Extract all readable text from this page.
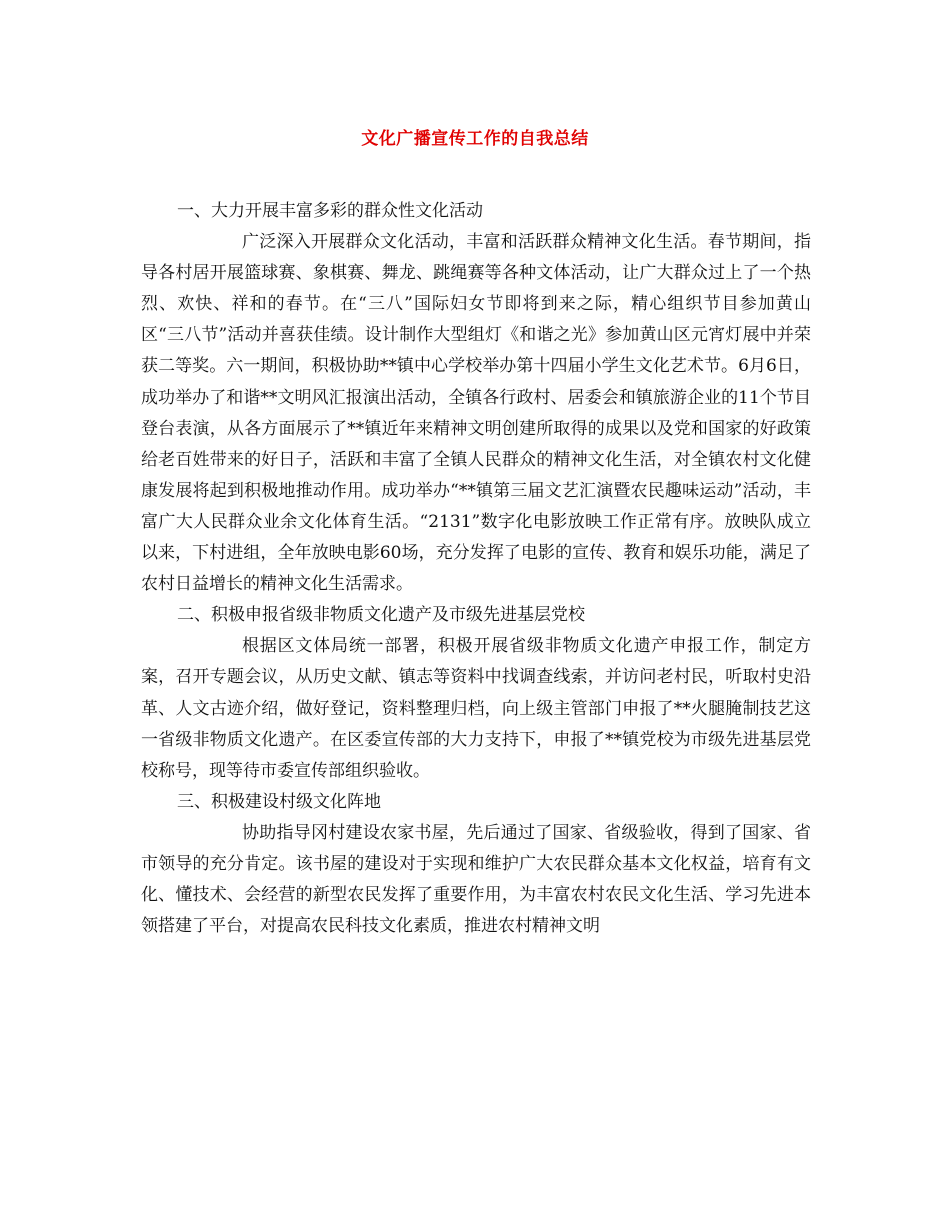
文化广播宣传工作的自我总结

一、大力开展丰富多彩的群众性文化活动

广泛深入开展群众文化活动，丰富和活跃群众精神文化生活。春节期间，指导各村居开展篮球赛、象棋赛、舞龙、跳绳赛等各种文体活动，让广大群众过上了一个热烈、欢快、祥和的春节。在“三八”国际妇女节即将到来之际，精心组织节目参加黄山区“三八节”活动并喜获佳绩。设计制作大型组灯《和谐之光》参加黄山区元宵灯展中并荣获二等奖。六一期间，积极协助**镇中心学校举办第十四届小学生文化艺术节。6月6日，成功举办了和谐**文明风汇报演出活动，全镇各行政村、居委会和镇旅游企业的11个节目登台表演，从各方面展示了**镇近年来精神文明创建所取得的成果以及党和国家的好政策给老百姓带来的好日子，活跃和丰富了全镇人民群众的精神文化生活，对全镇农村文化健康发展将起到积极地推动作用。成功举办“**镇第三届文艺汇演暨农民趣味运动”活动，丰富广大人民群众业余文化体育生活。“2131”数字化电影放映工作正常有序。放映队成立以来，下村进组，全年放映电影60场，充分发挥了电影的宣传、教育和娱乐功能，满足了农村日益增长的精神文化生活需求。

二、积极申报省级非物质文化遗产及市级先进基层党校

根据区文体局统一部署，积极开展省级非物质文化遗产申报工作，制定方案，召开专题会议，从历史文献、镇志等资料中找调查线索，并访问老村民，听取村史沿革、人文古迹介绍，做好登记，资料整理归档，向上级主管部门申报了**火腿腌制技艺这一省级非物质文化遗产。在区委宣传部的大力支持下，申报了**镇党校为市级先进基层党校称号，现等待市委宣传部组织验收。

三、积极建设村级文化阵地

协助指导冈村建设农家书屋，先后通过了国家、省级验收，得到了国家、省市领导的充分肯定。该书屋的建设对于实现和维护广大农民群众基本文化权益，培育有文化、懂技术、会经营的新型农民发挥了重要作用，为丰富农村农民文化生活、学习先进本领搭建了平台，对提高农民科技文化素质，推进农村精神文明
